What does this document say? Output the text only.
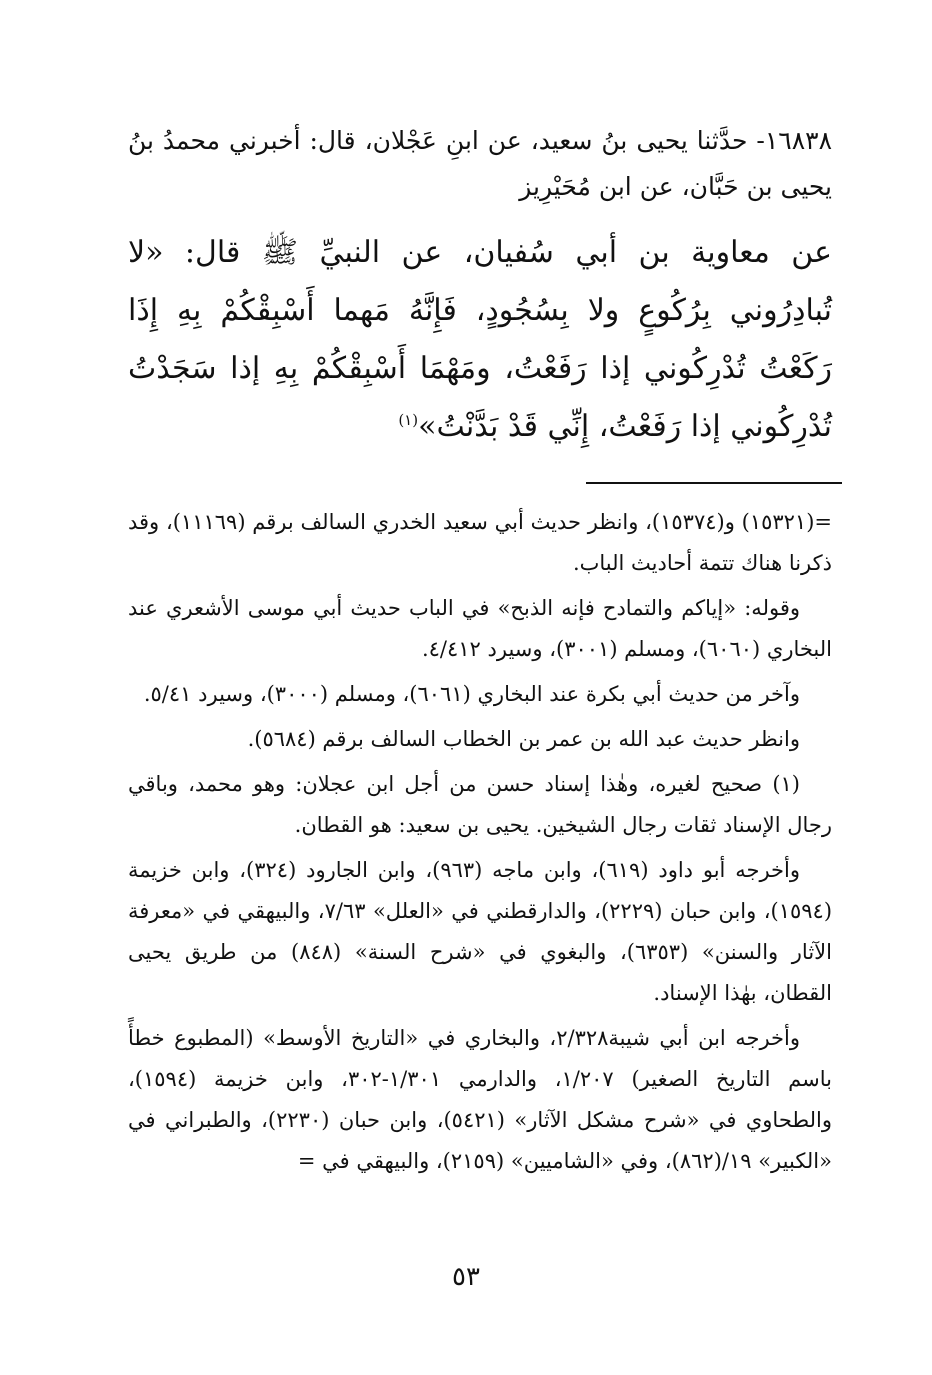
١٦٨٣٨- حدَّثنا يحيى بنُ سعيد، عن ابنِ عَجْلان، قال: أخبرني محمدُ بنُ يحيى بن حَبَّان، عن ابن مُحَيْرِيز
عن معاوية بن أبي سُفيان، عن النبيِّ ﷺ قال: «لا تُبادِرُوني بِرُكُوعٍ ولا بِسُجُودٍ، فَإِنَّهُ مَهما أَسْبِقْكُمْ بِهِ إِذَا رَكَعْتُ تُدْرِكُوني إذا رَفَعْتُ، ومَهْمَا أَسْبِقْكُمْ بِهِ إذا سَجَدْتُ تُدْرِكُوني إذا رَفَعْتُ، إِنِّي قَدْ بَدَّنْتُ»$^{(١)}$

=(١٥٣٢١) و(١٥٣٧٤)، وانظر حديث أبي سعيد الخدري السالف برقم (١١١٦٩)، وقد ذكرنا هناك تتمة أحاديث الباب.

وقوله: «إياكم والتمادح فإنه الذبح» في الباب حديث أبي موسى الأشعري عند البخاري (٦٠٦٠)، ومسلم (٣٠٠١)، وسيرد ٤/٤١٢.

وآخر من حديث أبي بكرة عند البخاري (٦٠٦١)، ومسلم (٣٠٠٠)، وسيرد ٥/٤١.

وانظر حديث عبد الله بن عمر بن الخطاب السالف برقم (٥٦٨٤).

(١) صحيح لغيره، وهٰذا إسناد حسن من أجل ابن عجلان: وهو محمد، وباقي رجال الإسناد ثقات رجال الشيخين. يحيى بن سعيد: هو القطان.

وأخرجه أبو داود (٦١٩)، وابن ماجه (٩٦٣)، وابن الجارود (٣٢٤)، وابن خزيمة (١٥٩٤)، وابن حبان (٢٢٢٩)، والدارقطني في «العلل» ٧/٦٣، والبيهقي في «معرفة الآثار والسنن» (٦٣٥٣)، والبغوي في «شرح السنة» (٨٤٨) من طريق يحيى القطان، بهٰذا الإسناد.

وأخرجه ابن أبي شيبة٢/٣٢٨، والبخاري في «التاريخ الأوسط» (المطبوع خطأً باسم التاريخ الصغير) ١/٢٠٧، والدارمي ١/٣٠١-٣٠٢، وابن خزيمة (١٥٩٤)، والطحاوي في «شرح مشكل الآثار» (٥٤٢١)، وابن حبان (٢٢٣٠)، والطبراني في «الكبير» ١٩/(٨٦٢)، وفي «الشاميين» (٢١٥٩)، والبيهقي في =

٥٣
